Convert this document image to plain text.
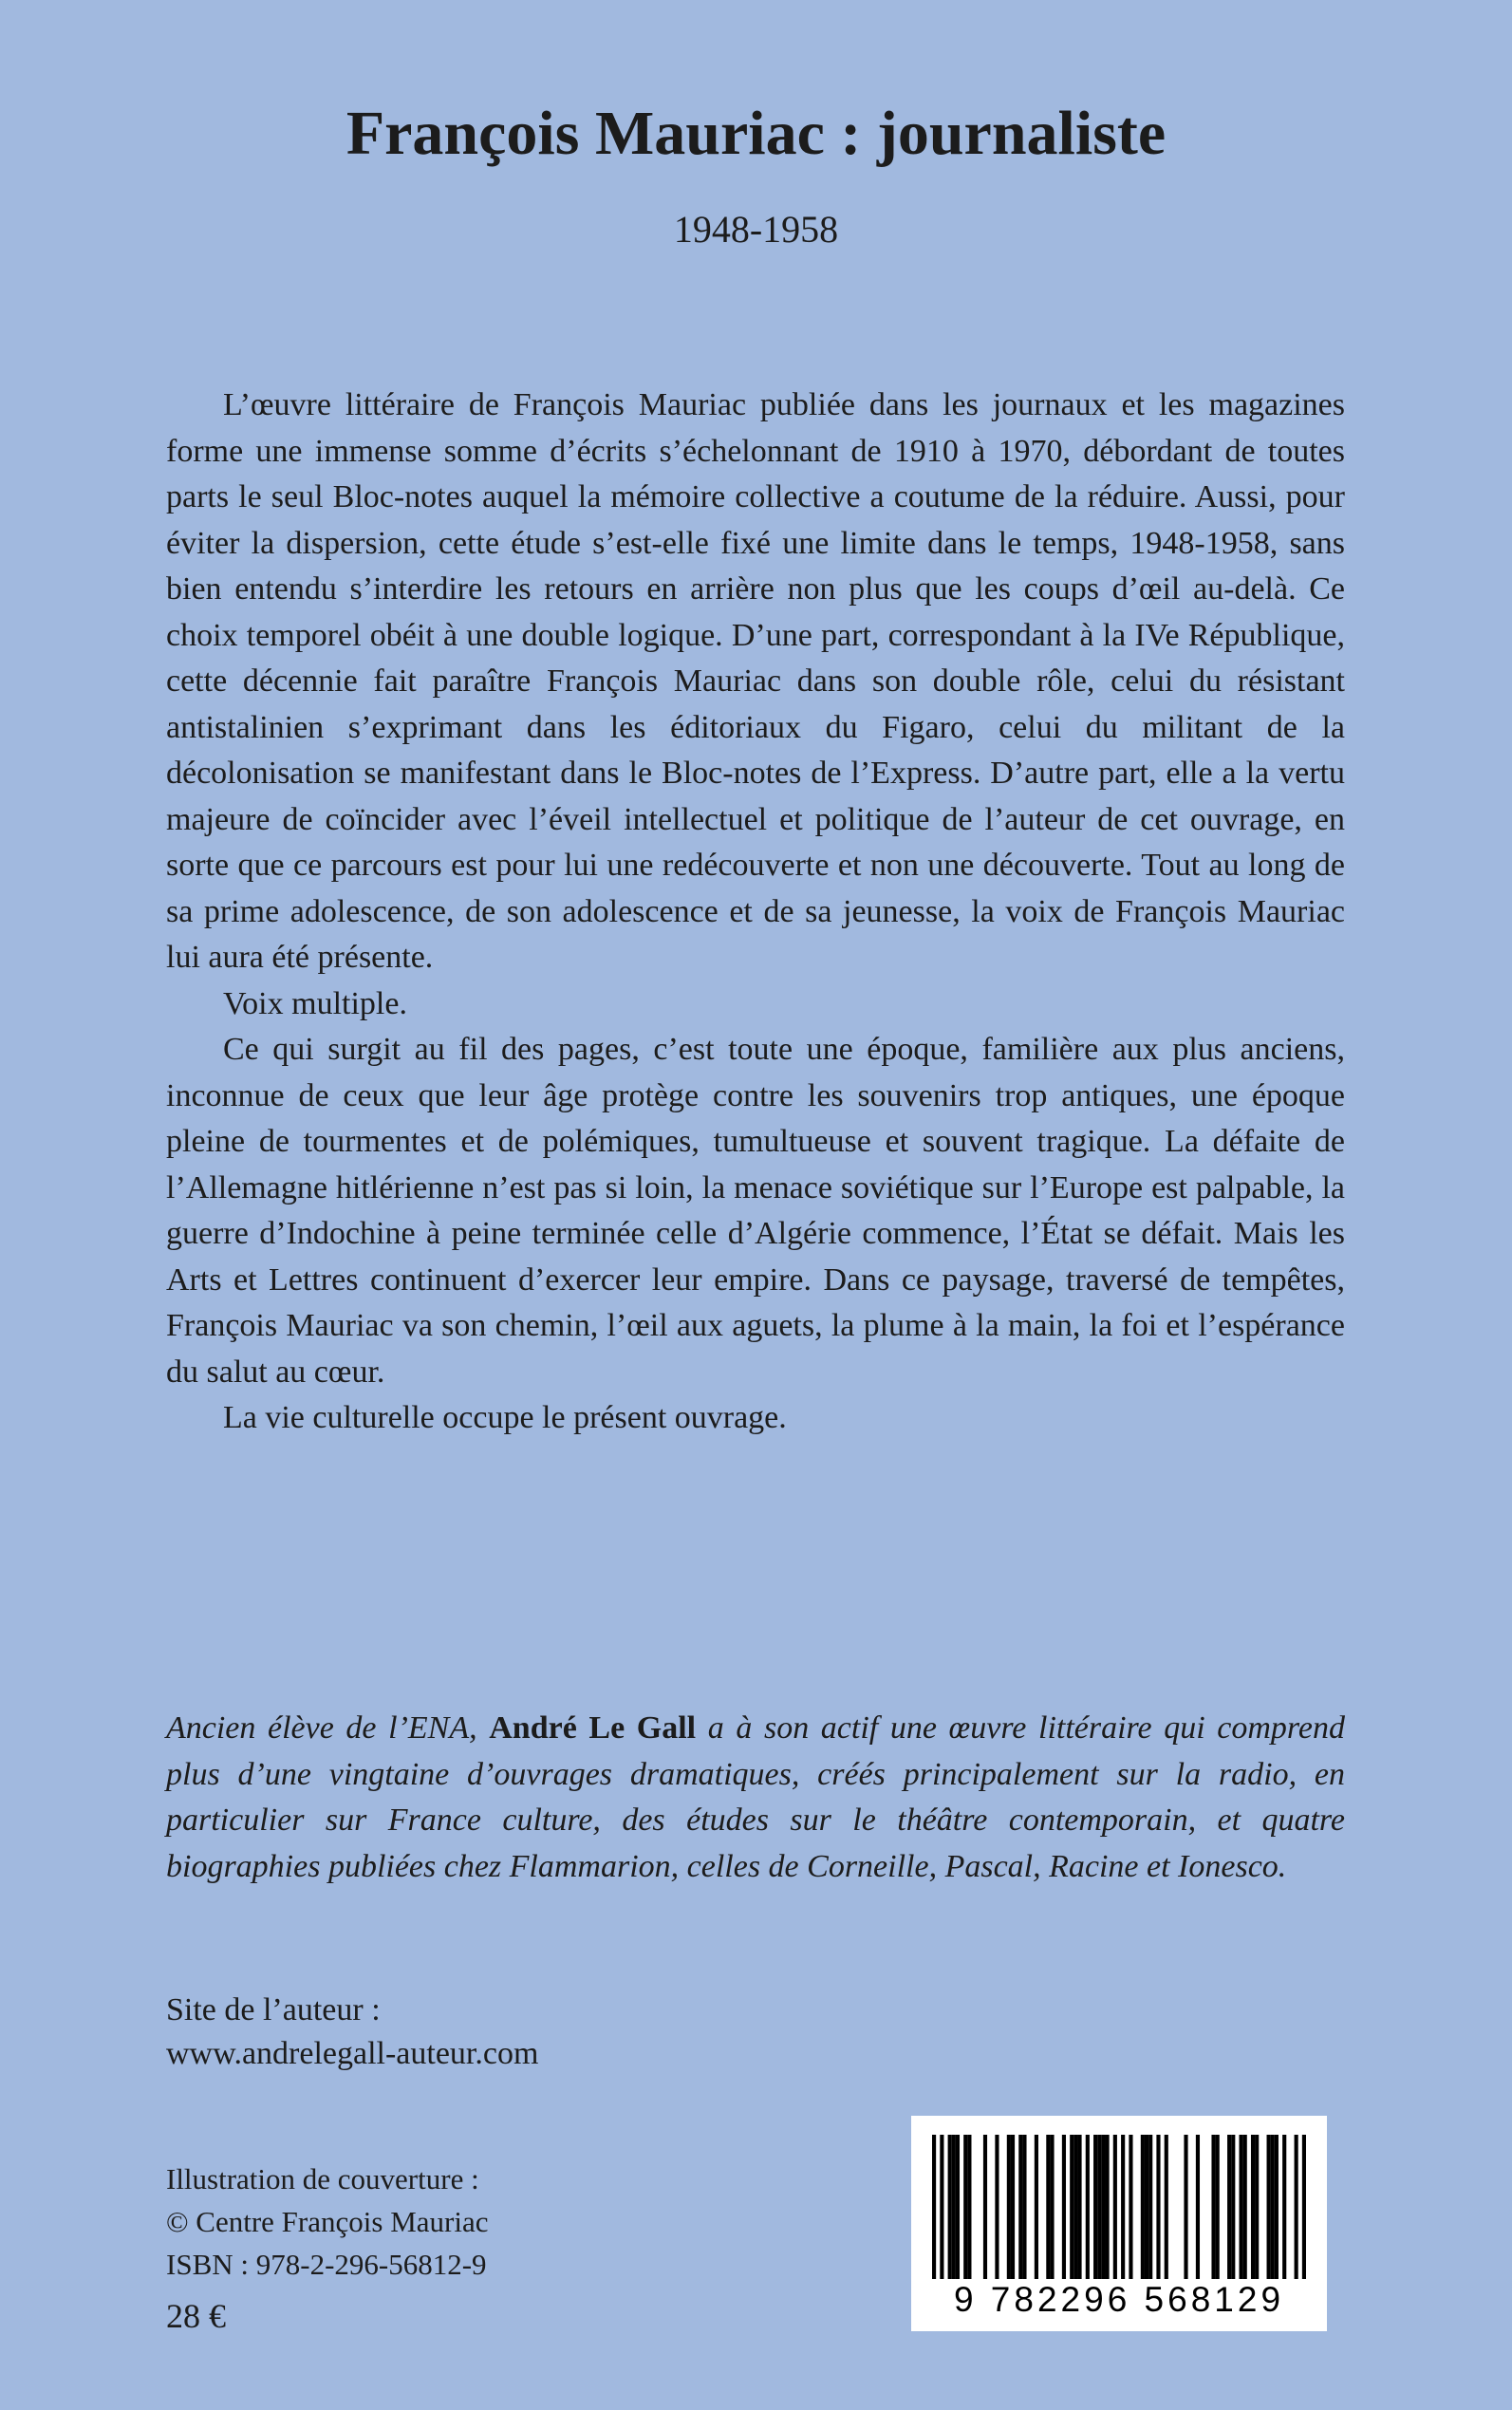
François Mauriac : journaliste
1948-1958

L’œuvre littéraire de François Mauriac publiée dans les journaux et les magazines forme une immense somme d’écrits s’échelonnant de 1910 à 1970, débordant de toutes parts le seul Bloc-notes auquel la mémoire collective a coutume de la réduire. Aussi, pour éviter la dispersion, cette étude s’est-elle fixé une limite dans le temps, 1948-1958, sans bien entendu s’interdire les retours en arrière non plus que les coups d’œil au-delà. Ce choix temporel obéit à une double logique. D’une part, correspondant à la IVe République, cette décennie fait paraître François Mauriac dans son double rôle, celui du résistant antistalinien s’exprimant dans les éditoriaux du Figaro, celui du militant de la décolonisation se manifestant dans le Bloc-notes de l’Express. D’autre part, elle a la vertu majeure de coïncider avec l’éveil intellectuel et politique de l’auteur de cet ouvrage, en sorte que ce parcours est pour lui une redécouverte et non une découverte. Tout au long de sa prime adolescence, de son adolescence et de sa jeunesse, la voix de François Mauriac lui aura été présente.

Voix multiple.

Ce qui surgit au fil des pages, c’est toute une époque, familière aux plus anciens, inconnue de ceux que leur âge protège contre les souvenirs trop antiques, une époque pleine de tourmentes et de polémiques, tumultueuse et souvent tragique. La défaite de l’Allemagne hitlérienne n’est pas si loin, la menace soviétique sur l’Europe est palpable, la guerre d’Indochine à peine terminée celle d’Algérie commence, l’État se défait. Mais les Arts et Lettres continuent d’exercer leur empire. Dans ce paysage, traversé de tempêtes, François Mauriac va son chemin, l’œil aux aguets, la plume à la main, la foi et l’espérance du salut au cœur.

La vie culturelle occupe le présent ouvrage.

Ancien élève de l’ENA, André Le Gall a à son actif une œuvre littéraire qui comprend plus d’une vingtaine d’ouvrages dramatiques, créés principalement sur la radio, en particulier sur France culture, des études sur le théâtre contemporain, et quatre biographies publiées chez Flammarion, celles de Corneille, Pascal, Racine et Ionesco.

Site de l’auteur :
www.andrelegall-auteur.com
Illustration de couverture :
© Centre François Mauriac
ISBN : 978-2-296-56812-9
28 €	9 782296 568129
